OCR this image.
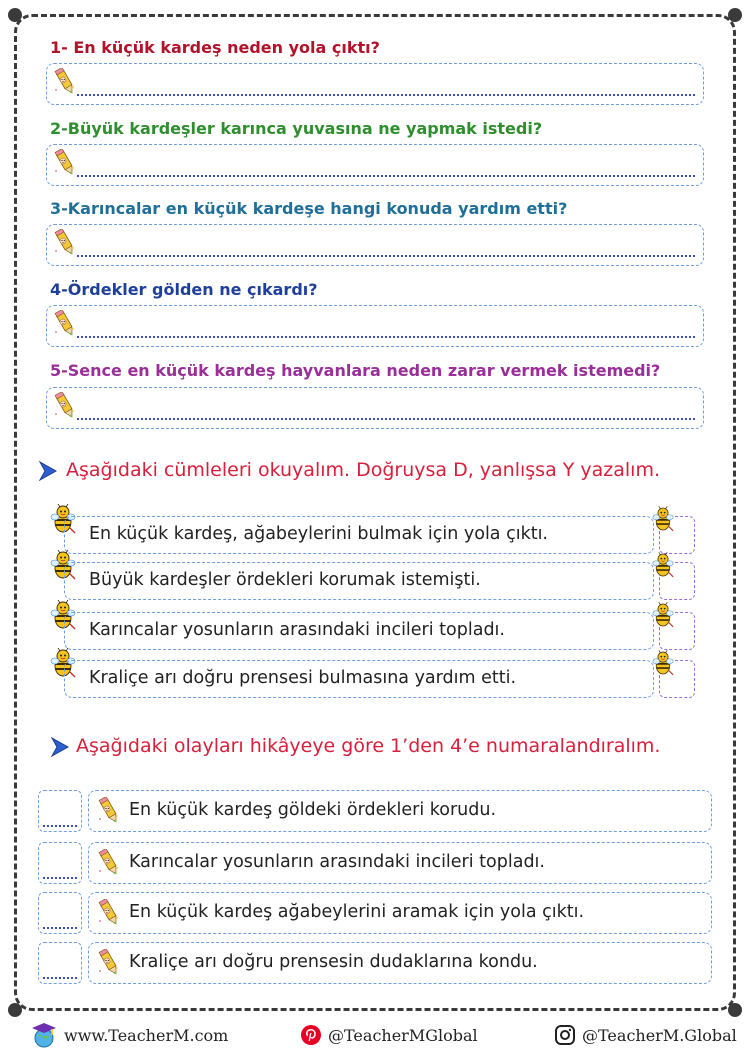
1- En küçük kardeş neden yola çıktı?
2-Büyük kardeşler karınca yuvasına ne yapmak istedi?
3-Karıncalar en küçük kardeşe hangi konuda yardım etti?
4-Ördekler gölden ne çıkardı?
5-Sence en küçük kardeş hayvanlara neden zarar vermek istemedi?
Aşağıdaki cümleleri okuyalım. Doğruysa D, yanlışsa Y yazalım.
En küçük kardeş, ağabeylerini bulmak için yola çıktı.
Büyük kardeşler ördekleri korumak istemişti.
Karıncalar yosunların arasındaki incileri topladı.
Kraliçe arı doğru prensesi bulmasına yardım etti.
Aşağıdaki olayları hikâyeye göre 1’den 4’e numaralandıralım.
En küçük kardeş göldeki ördekleri korudu.
Karıncalar yosunların arasındaki incileri topladı.
En küçük kardeş ağabeylerini aramak için yola çıktı.
Kraliçe arı doğru prensesin dudaklarına kondu.
www.TeacherM.com	@TeacherMGlobal	@TeacherM.Global
